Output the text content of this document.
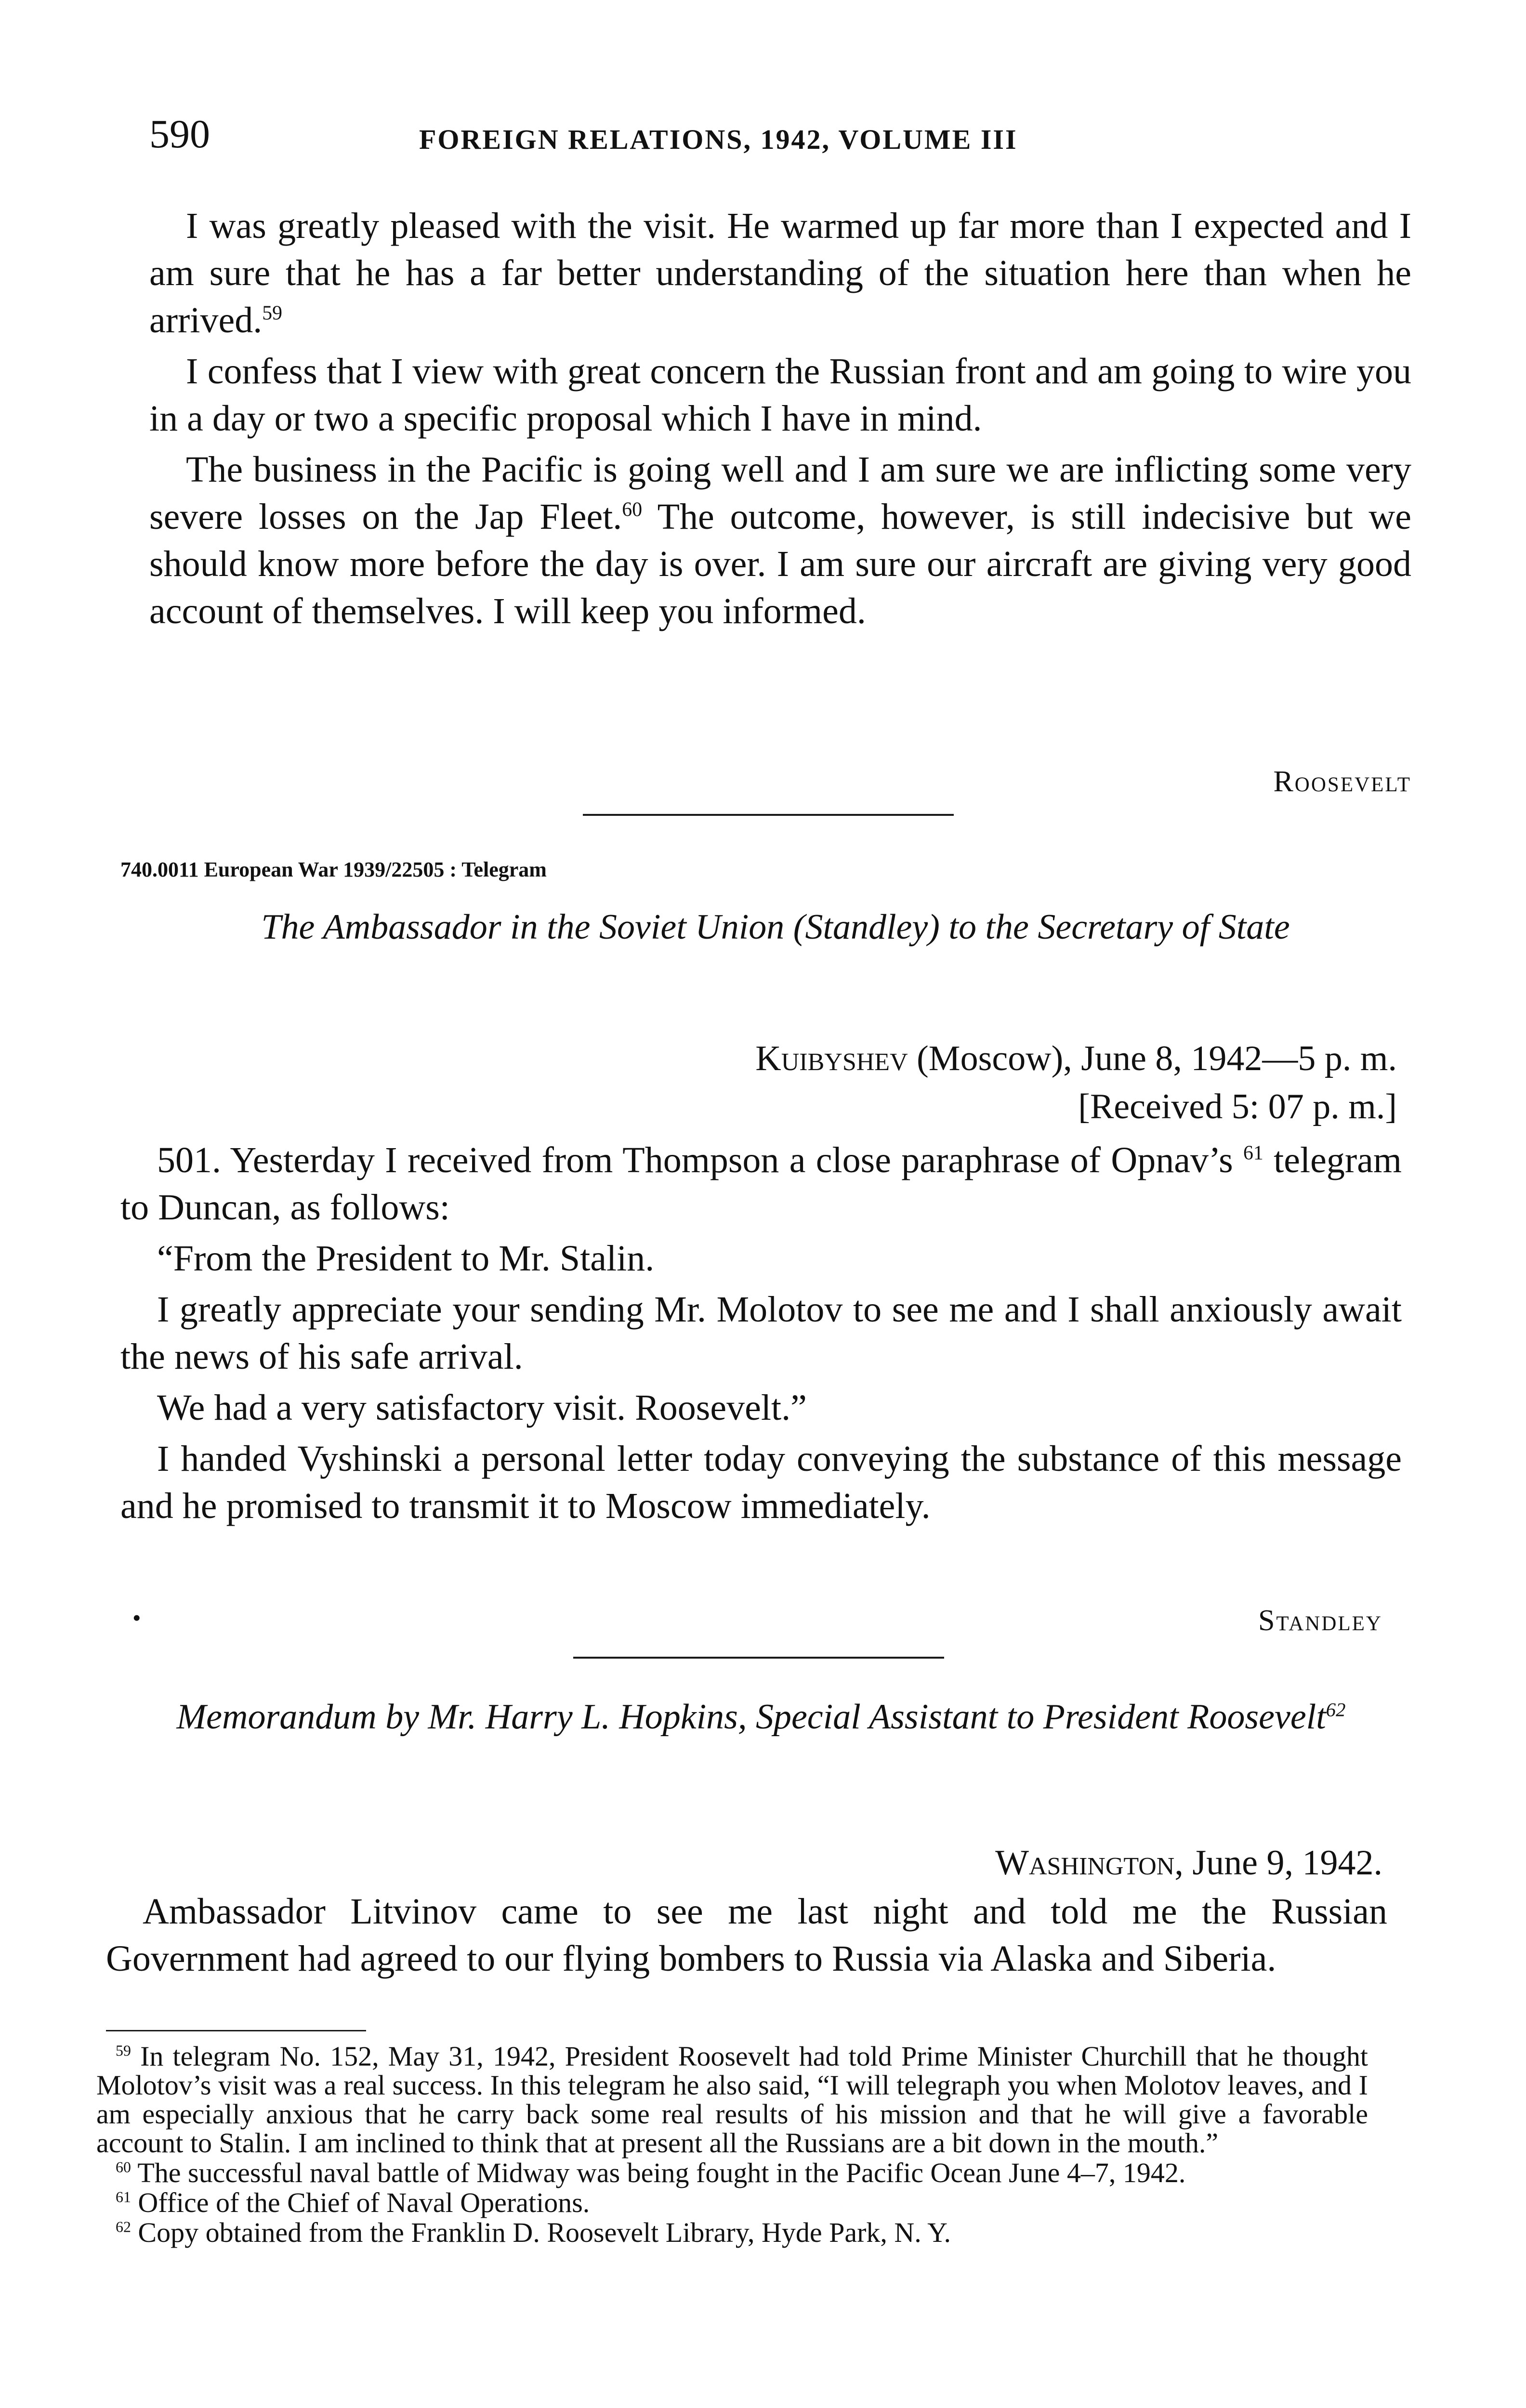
590	FOREIGN RELATIONS, 1942, VOLUME III

I was greatly pleased with the visit. He warmed up far more than I expected and I am sure that he has a far better understanding of the situation here than when he arrived.$^{59}$

I confess that I view with great concern the Russian front and am going to wire you in a day or two a specific proposal which I have in mind.

The business in the Pacific is going well and I am sure we are inflicting some very severe losses on the Jap Fleet.$^{60}$ The outcome, however, is still indecisive but we should know more before the day is over. I am sure our aircraft are giving very good account of themselves. I will keep you informed.

Roosevelt
740.0011 European War 1939/22505 : Telegram
The Ambassador in the Soviet Union (Standley) to the Secretary of State
Kuibyshev (Moscow), June 8, 1942—5 p. m.
[Received 5: 07 p. m.]

501. Yesterday I received from Thompson a close paraphrase of Opnav’s $^{61}$ telegram to Duncan, as follows:

“From the President to Mr. Stalin.

I greatly appreciate your sending Mr. Molotov to see me and I shall anxiously await the news of his safe arrival.

We had a very satisfactory visit. Roosevelt.”

I handed Vyshinski a personal letter today conveying the substance of this message and he promised to transmit it to Moscow immediately.

•	Standley
Memorandum by Mr. Harry L. Hopkins, Special Assistant to President Roosevelt$^{62}$
Washington, June 9, 1942.

Ambassador Litvinov came to see me last night and told me the Russian Government had agreed to our flying bombers to Russia via Alaska and Siberia.

$^{59}$ In telegram No. 152, May 31, 1942, President Roosevelt had told Prime Minister Churchill that he thought Molotov’s visit was a real success. In this telegram he also said, “I will telegraph you when Molotov leaves, and I am especially anxious that he carry back some real results of his mission and that he will give a favorable account to Stalin. I am inclined to think that at present all the Russians are a bit down in the mouth.”

$^{60}$ The successful naval battle of Midway was being fought in the Pacific Ocean June 4–7, 1942.

$^{61}$ Office of the Chief of Naval Operations.

$^{62}$ Copy obtained from the Franklin D. Roosevelt Library, Hyde Park, N. Y.
